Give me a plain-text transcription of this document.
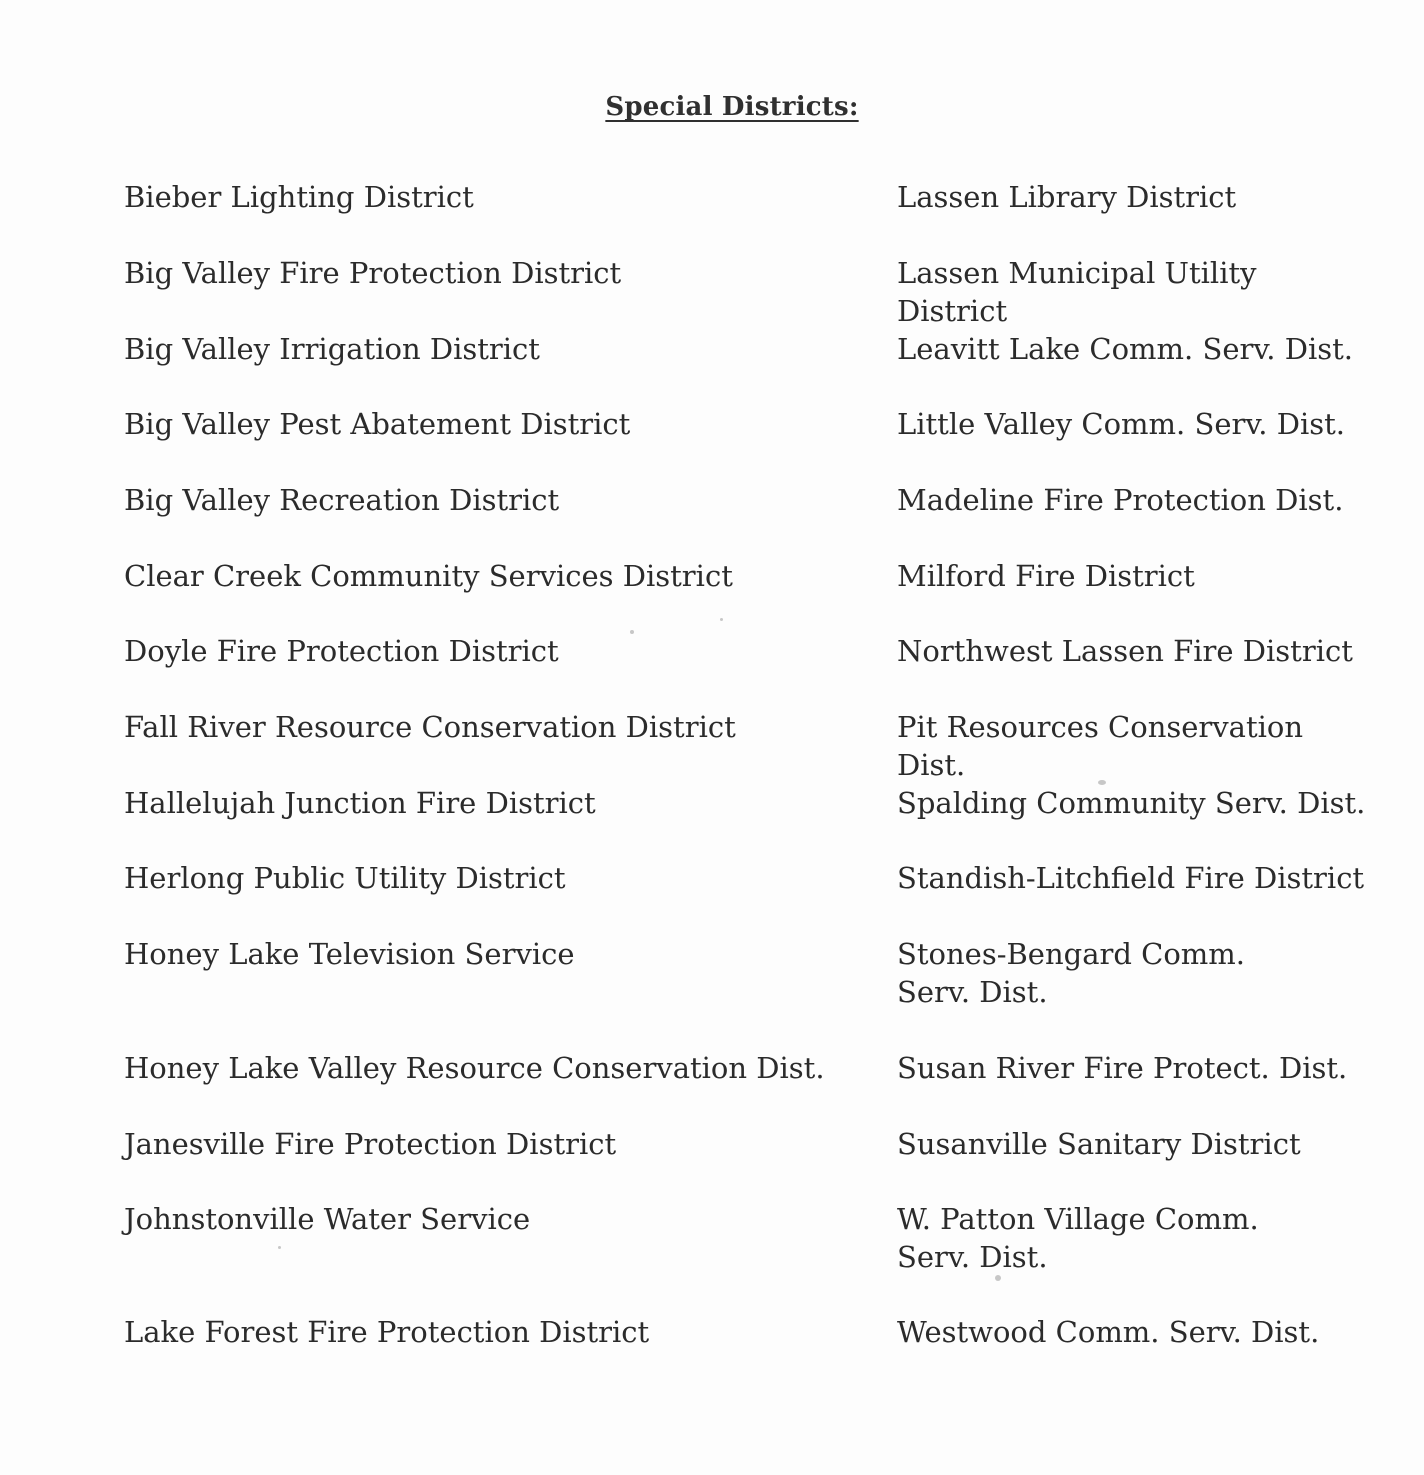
Special Districts:

Bieber Lighting District

Big Valley Fire Protection District

Big Valley Irrigation District

Big Valley Pest Abatement District

Big Valley Recreation District

Clear Creek Community Services District

Doyle Fire Protection District

Fall River Resource Conservation District

Hallelujah Junction Fire District

Herlong Public Utility District

Honey Lake Television Service

Honey Lake Valley Resource Conservation Dist.

Janesville Fire Protection District

Johnstonville Water Service

Lake Forest Fire Protection District

Lassen Library District

Lassen Municipal Utility District

Leavitt Lake Comm. Serv. Dist.

Little Valley Comm. Serv. Dist.

Madeline Fire Protection Dist.

Milford Fire District

Northwest Lassen Fire District

Pit Resources Conservation Dist.

Spalding Community Serv. Dist.

Standish-Litchfield Fire District

Stones-Bengard Comm. Serv. Dist.

Susan River Fire Protect. Dist.

Susanville Sanitary District

W. Patton Village Comm. Serv. Dist.

Westwood Comm. Serv. Dist.
